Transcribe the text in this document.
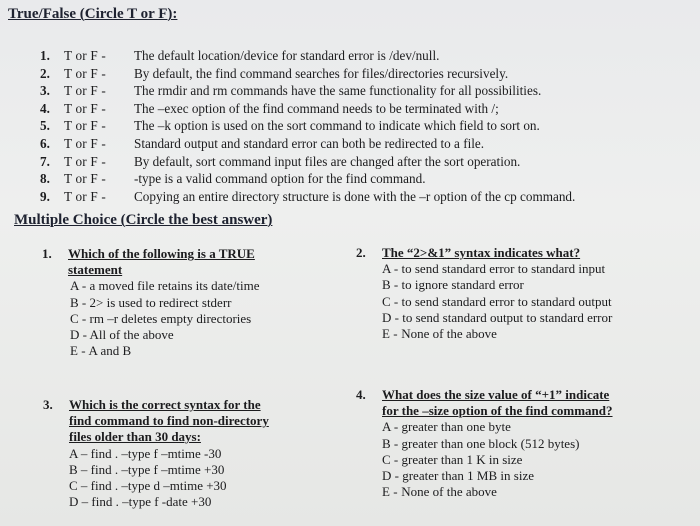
True/False (Circle T or F):
1.	T or F -	The default location/device for standard error is /dev/null.
2.	T or F -	By default, the find command searches for files/directories recursively.
3.	T or F -	The rmdir and rm commands have the same functionality for all possibilities.
4.	T or F -	The –exec option of the find command needs to be terminated with /;
5.	T or F -	The –k option is used on the sort command to indicate which field to sort on.
6.	T or F -	Standard output and standard error can both be redirected to a file.
7.	T or F -	By default, sort command input files are changed after the sort operation.
8.	T or F -	-type is a valid command option for the find command.
9.	T or F -	Copying an entire directory structure is done with the –r option of the cp command.
Multiple Choice (Circle the best answer)
1. Which of the following is a TRUE statement
A - a moved file retains its date/time
B - 2> is used to redirect stderr
C - rm –r deletes empty directories
D - All of the above
E - A and B
2. The “2>&1” syntax indicates what?
A - to send standard error to standard input
B - to ignore standard error
C - to send standard error to standard output
D - to send standard output to standard error
E - None of the above
3. Which is the correct syntax for the
find command to find non-directory
files older than 30 days:
A – find . –type f –mtime -30
B – find . –type f –mtime +30
C – find . –type d –mtime +30
D – find . –type f -date +30
4. What does the size value of “+1” indicate
for the –size option of the find command?
A - greater than one byte
B - greater than one block (512 bytes)
C - greater than 1 K in size
D - greater than 1 MB in size
E - None of the above
